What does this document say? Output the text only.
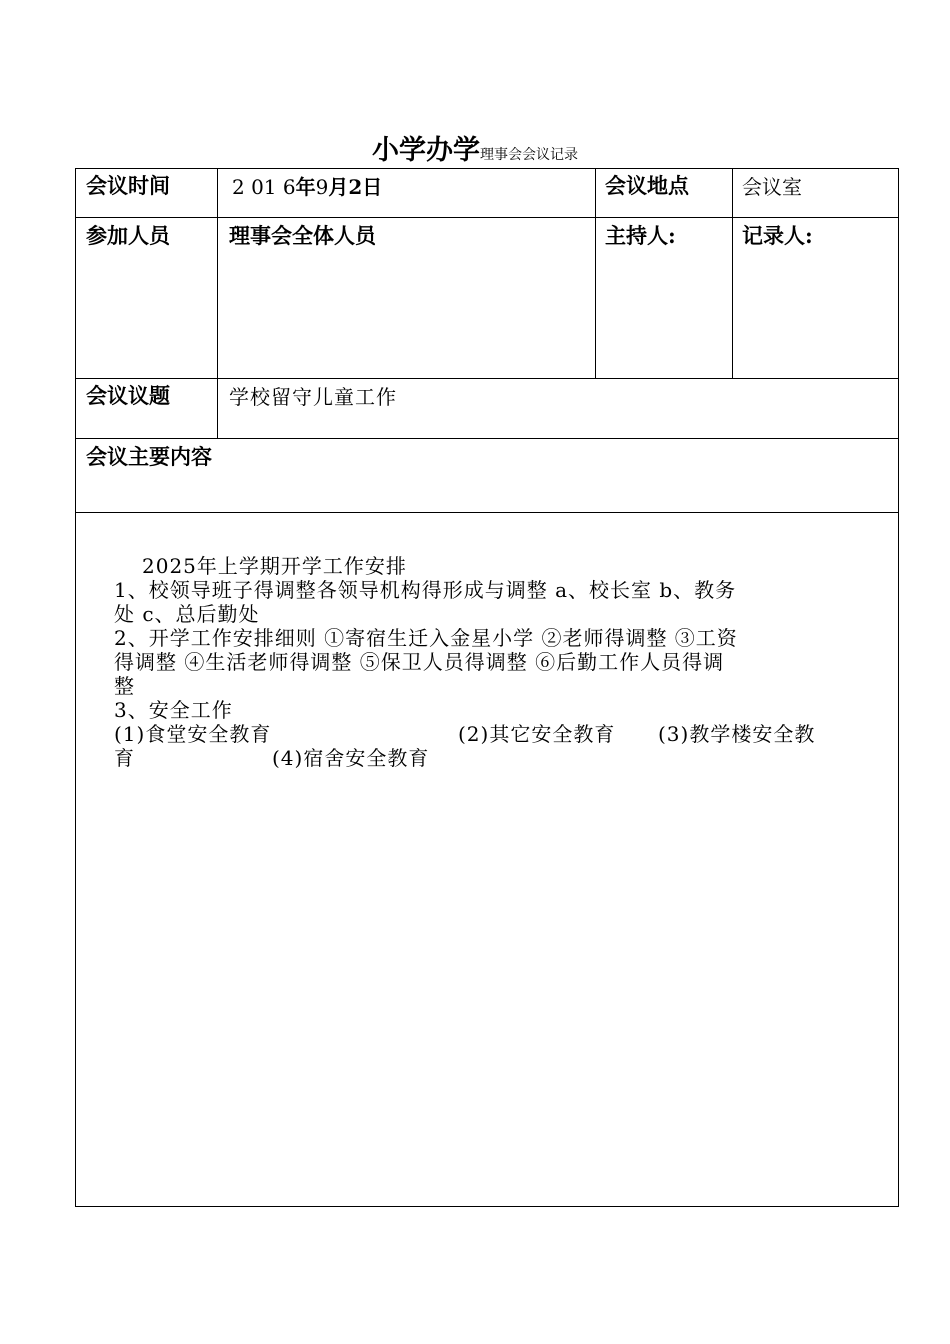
小学办学理事会会议记录
会议时间	2 01 6年9月2日	会议地点	会议室
参加人员	理事会全体人员	主持人:	记录人:
会议议题	学校留守儿童工作
会议主要内容

2025年上学期开学工作安排

1、校领导班子得调整各领导机构得形成与调整 a、校长室 b、教务

处 c、总后勤处

2、开学工作安排细则 ①寄宿生迁入金星小学 ②老师得调整 ③工资

得调整 ④生活老师得调整 ⑤保卫人员得调整 ⑥后勤工作人员得调

整

3、安全工作

(1)食堂安全教育	(2)其它安全教育 (3)教学楼安全教

育	(4)宿舍安全教育
